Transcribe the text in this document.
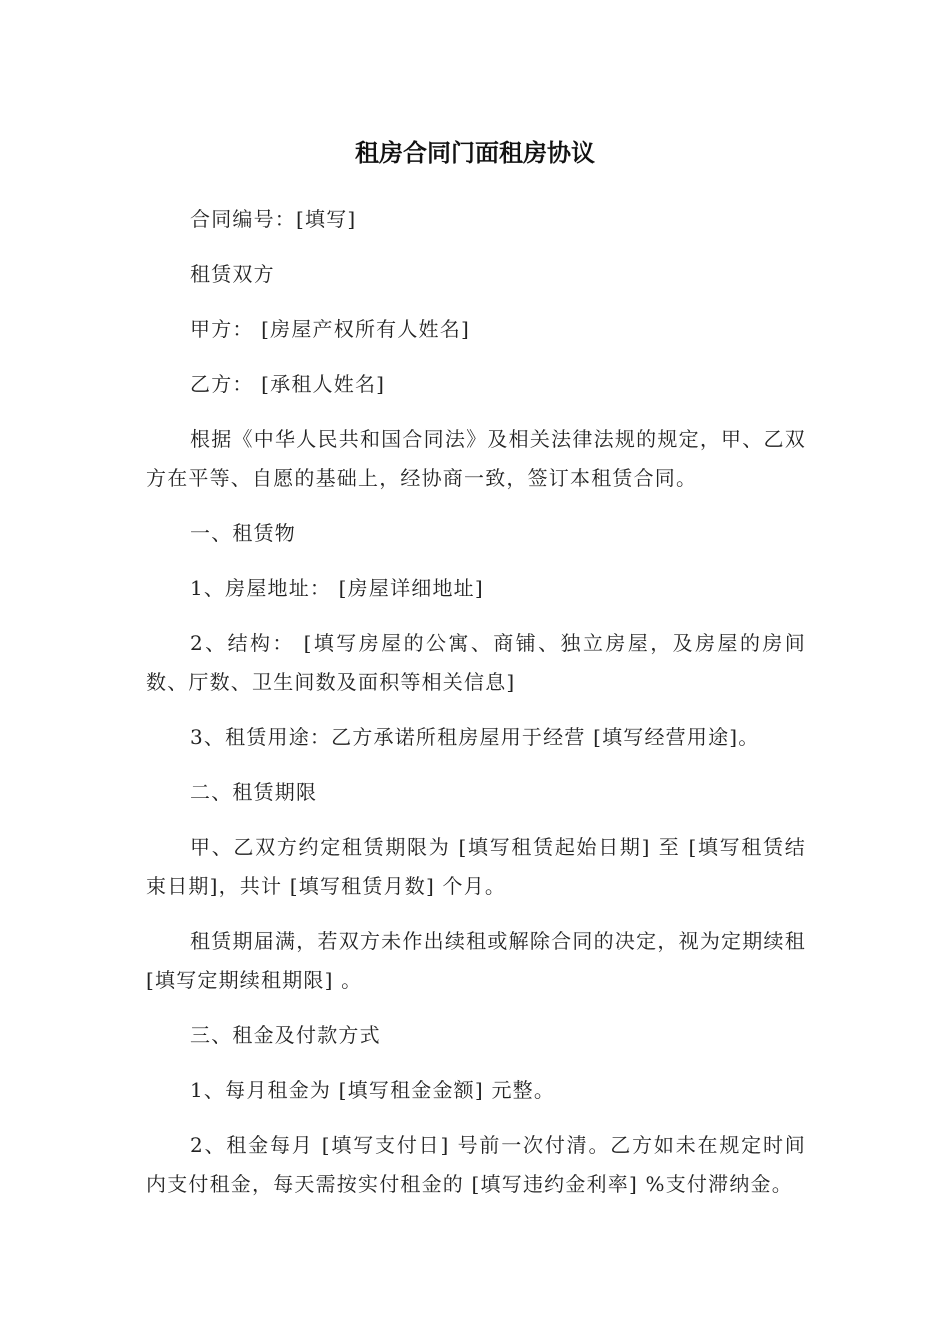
租房合同门面租房协议

合同编号：[填写]

租赁双方

甲方： [房屋产权所有人姓名]

乙方： [承租人姓名]

根据《中华人民共和国合同法》及相关法律法规的规定，甲、乙双方在平等、自愿的基础上，经协商一致，签订本租赁合同。

一、租赁物

1、房屋地址： [房屋详细地址]

2、结构： [填写房屋的公寓、商铺、独立房屋，及房屋的房间数、厅数、卫生间数及面积等相关信息]

3、租赁用途：乙方承诺所租房屋用于经营 [填写经营用途]。

二、租赁期限

甲、乙双方约定租赁期限为 [填写租赁起始日期] 至 [填写租赁结束日期]，共计 [填写租赁月数] 个月。

租赁期届满，若双方未作出续租或解除合同的决定，视为定期续租 [填写定期续租期限] 。

三、租金及付款方式

1、每月租金为 [填写租金金额] 元整。

2、租金每月 [填写支付日] 号前一次付清。乙方如未在规定时间内支付租金，每天需按实付租金的 [填写违约金利率] %支付滞纳金。
